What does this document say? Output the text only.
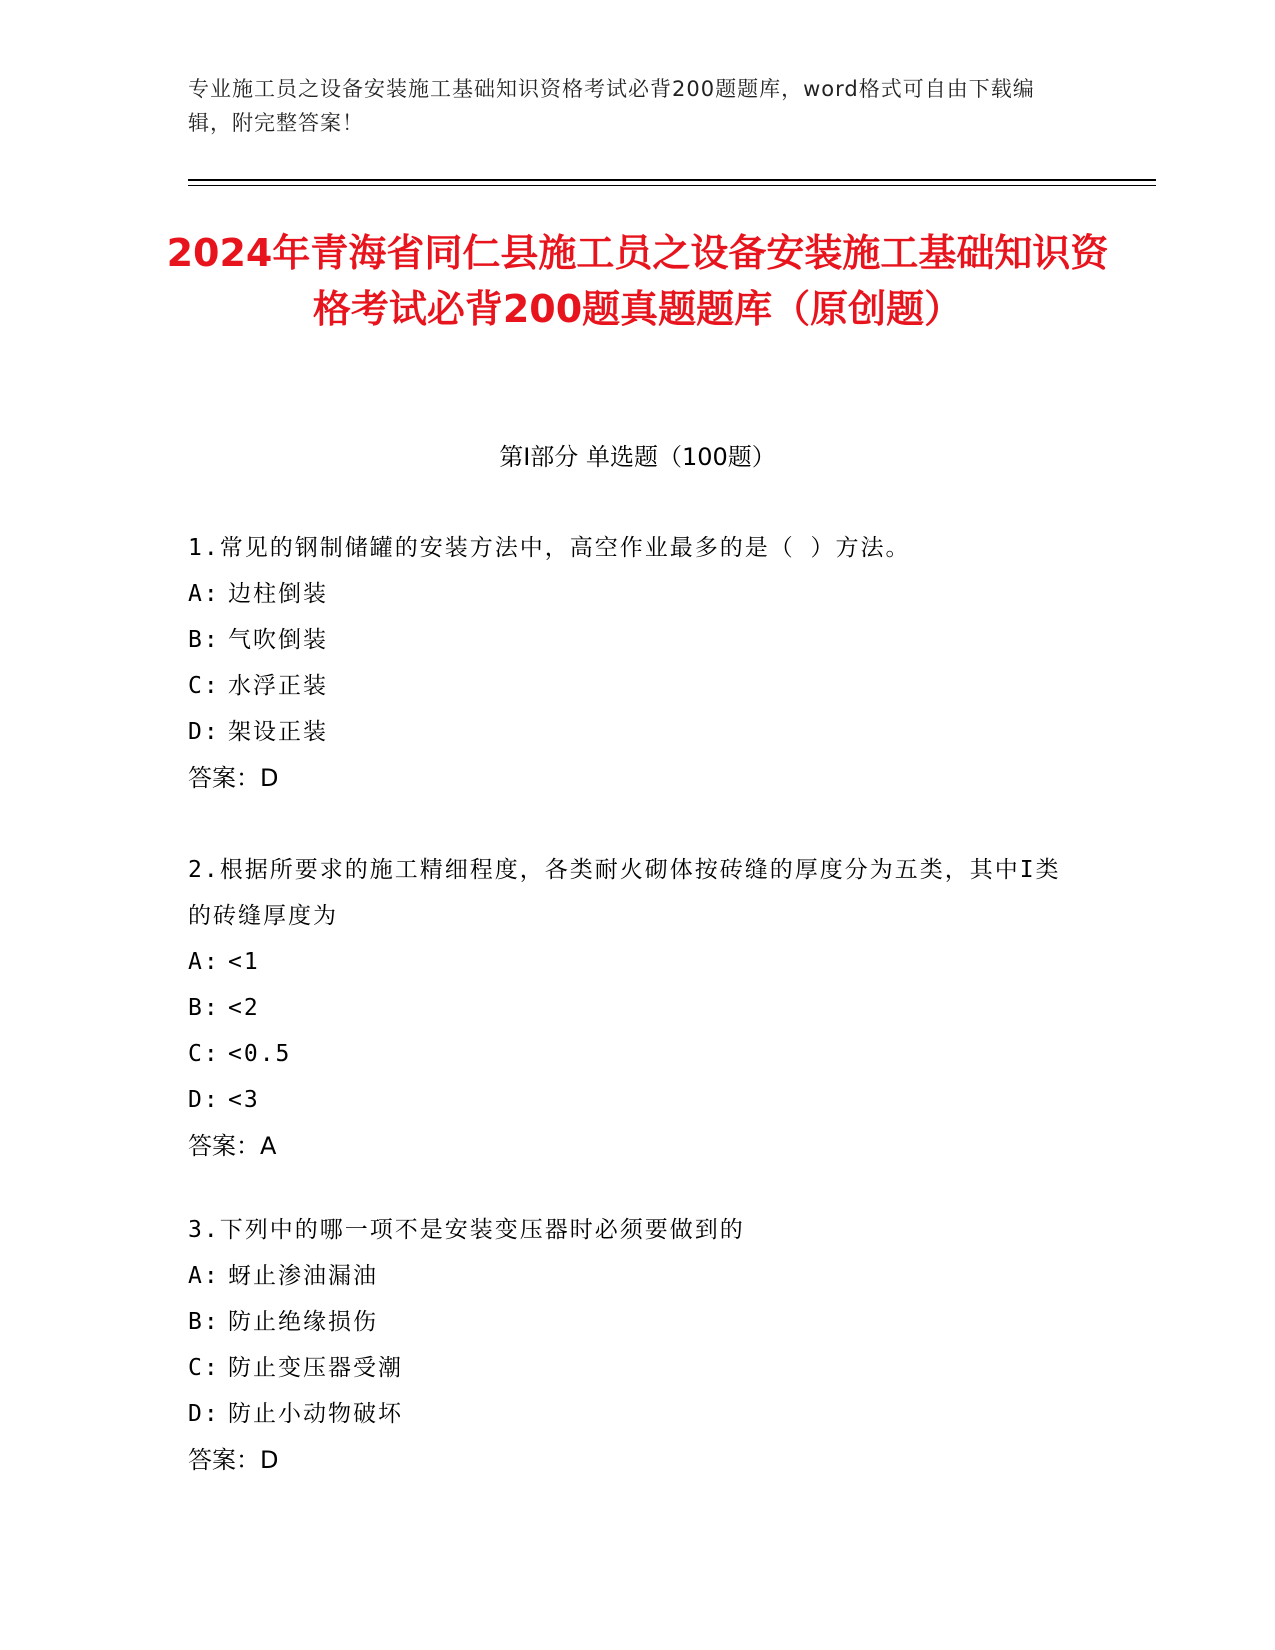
专业施工员之设备安装施工基础知识资格考试必背200题题库，word格式可自由下载编辑，附完整答案！
2024年青海省同仁县施工员之设备安装施工基础知识资格考试必背200题真题题库（原创题）
第I部分 单选题（100题）
1.常见的钢制储罐的安装方法中，高空作业最多的是（ ）方法。
A: 边柱倒装
B: 气吹倒装
C: 水浮正装
D: 架设正装
答案：D
2.根据所要求的施工精细程度，各类耐火砌体按砖缝的厚度分为五类，其中I类的砖缝厚度为
A: <1
B: <2
C: <0.5
D: <3
答案：A
3.下列中的哪一项不是安装变压器时必须要做到的
A: 蚜止渗油漏油
B: 防止绝缘损伤
C: 防止变压器受潮
D: 防止小动物破坏
答案：D
